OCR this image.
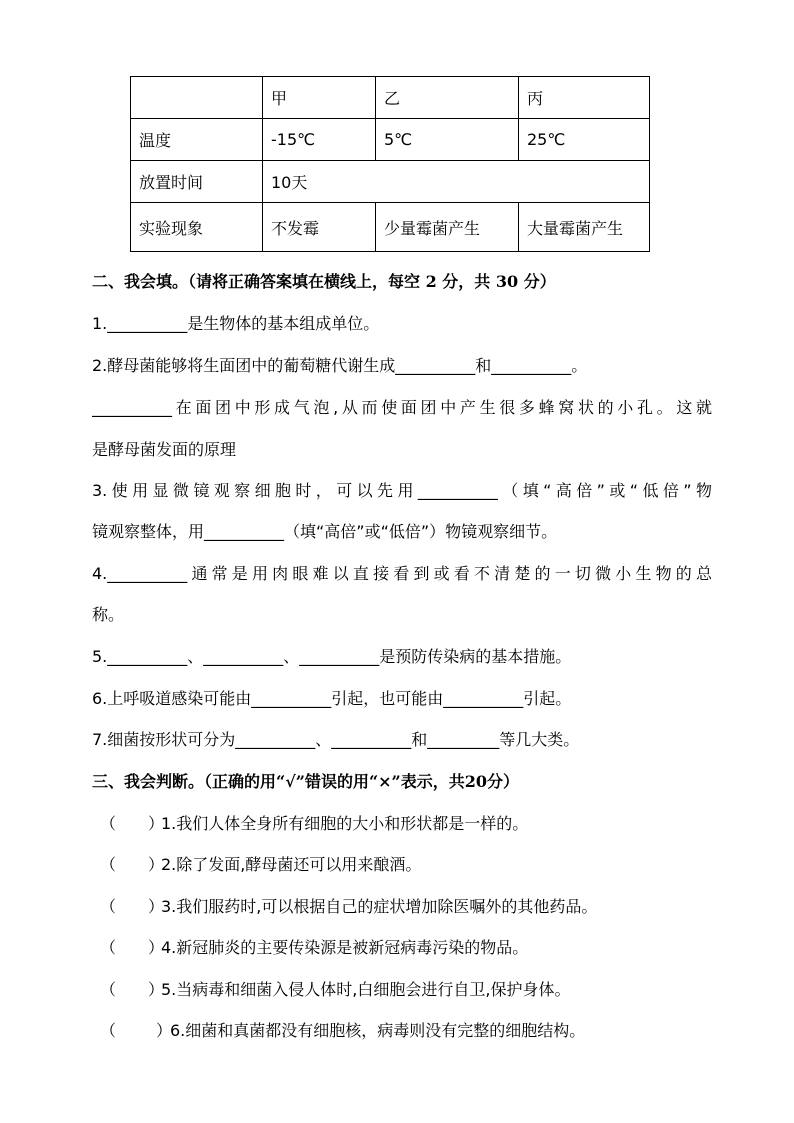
	甲	乙	丙
温度	-15℃	5℃	25℃
放置时间	10天		
实验现象	不发霉	少量霉菌产生	大量霉菌产生
二、我会填。（请将正确答案填在横线上，每空 2 分，共 30 分）
1.__________是生物体的基本组成单位。
2.酵母菌能够将生面团中的葡萄糖代谢生成__________和__________。
__________在面团中形成气泡,从而使面团中产生很多蜂窝状的小孔。这就
是酵母菌发面的原理
3.使用显微镜观察细胞时，可以先用__________（填“高倍”或“低倍”物
镜观察整体，用__________（填“高倍”或“低倍”）物镜观察细节。
4.__________通常是用肉眼难以直接看到或看不清楚的一切微小生物的总
称。
5.__________、__________、__________是预防传染病的基本措施。
6.上呼吸道感染可能由__________引起，也可能由__________引起。
7.细菌按形状可分为__________、__________和_________等几大类。
三、我会判断。（正确的用“√”错误的用“×”表示，共20分）
（ ）
1.我们人体全身所有细胞的大小和形状都是一样的。
（ ）
2.除了发面,酵母菌还可以用来酿酒。
（ ）
3.我们服药时,可以根据自己的症状增加除医嘱外的其他药品。
（ ）
4.新冠肺炎的主要传染源是被新冠病毒污染的物品。
（ ）
5.当病毒和细菌入侵人体时,白细胞会进行自卫,保护身体。
（ ）
6.细菌和真菌都没有细胞核，病毒则没有完整的细胞结构。
